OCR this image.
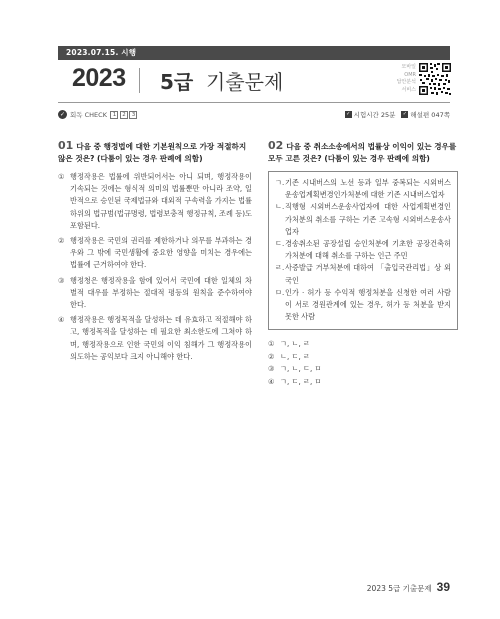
2023.07.15. 시행
2023 5급 기출문제
모바일
OMR
답안분석
서비스
✓ 회독 CHECK	1	2	3	✓ 시험시간 25분 ✓ 해설편 047쪽
01 다음 중 행정법에 대한 기본원칙으로 가장 적절하지 않은 것은? (다툼이 있는 경우 판례에 의함)
① 행정작용은 법률에 위반되어서는 아니 되며, 행정작용이 기속되는 것에는 형식적 의미의 법률뿐만 아니라 조약, 일반적으로 승인된 국제법규와 대외적 구속력을 가지는 법률 하위의 법규범(법규명령, 법령보충적 행정규칙, 조례 등)도 포함된다.
② 행정작용은 국민의 권리를 제한하거나 의무를 부과하는 경우와 그 밖에 국민생활에 중요한 영향을 미치는 경우에는 법률에 근거하여야 한다.
③ 행정청은 행정작용을 함에 있어서 국민에 대한 일체의 차별적 대우를 부정하는 절대적 평등의 원칙을 준수하여야 한다.
④ 행정작용은 행정목적을 달성하는 데 유효하고 적절해야 하고, 행정목적을 달성하는 데 필요한 최소한도에 그쳐야 하며, 행정작용으로 인한 국민의 이익 침해가 그 행정작용이 의도하는 공익보다 크지 아니해야 한다.
02 다음 중 취소소송에서의 법률상 이익이 있는 경우를 모두 고른 것은? (다툼이 있는 경우 판례에 의함)
ㄱ. 기존 시내버스의 노선 등과 일부 중복되는 시외버스 운송업계획변경인가처분에 대한 기존 시내버스업자
ㄴ. 직행형 시외버스운송사업자에 대한 사업계획변경인가처분의 취소를 구하는 기존 고속형 시외버스운송사업자
ㄷ. 경송취소된 공장설립 승인처분에 기초한 공장건축허가처분에 대해 취소를 구하는 인근 주민
ㄹ. 사증발급 거부처분에 대하여 「출입국관리법」상 외국인
ㅁ. 인가 · 허가 등 수익적 행정처분을 신청한 여러 사람이 서로 경원관계에 있는 경우, 허가 등 처분을 받지 못한 사람
① ㄱ, ㄴ, ㄹ
② ㄴ, ㄷ, ㄹ
③ ㄱ, ㄴ, ㄷ, ㅁ
④ ㄱ, ㄷ, ㄹ, ㅁ
2023 5급 기출문제 39
